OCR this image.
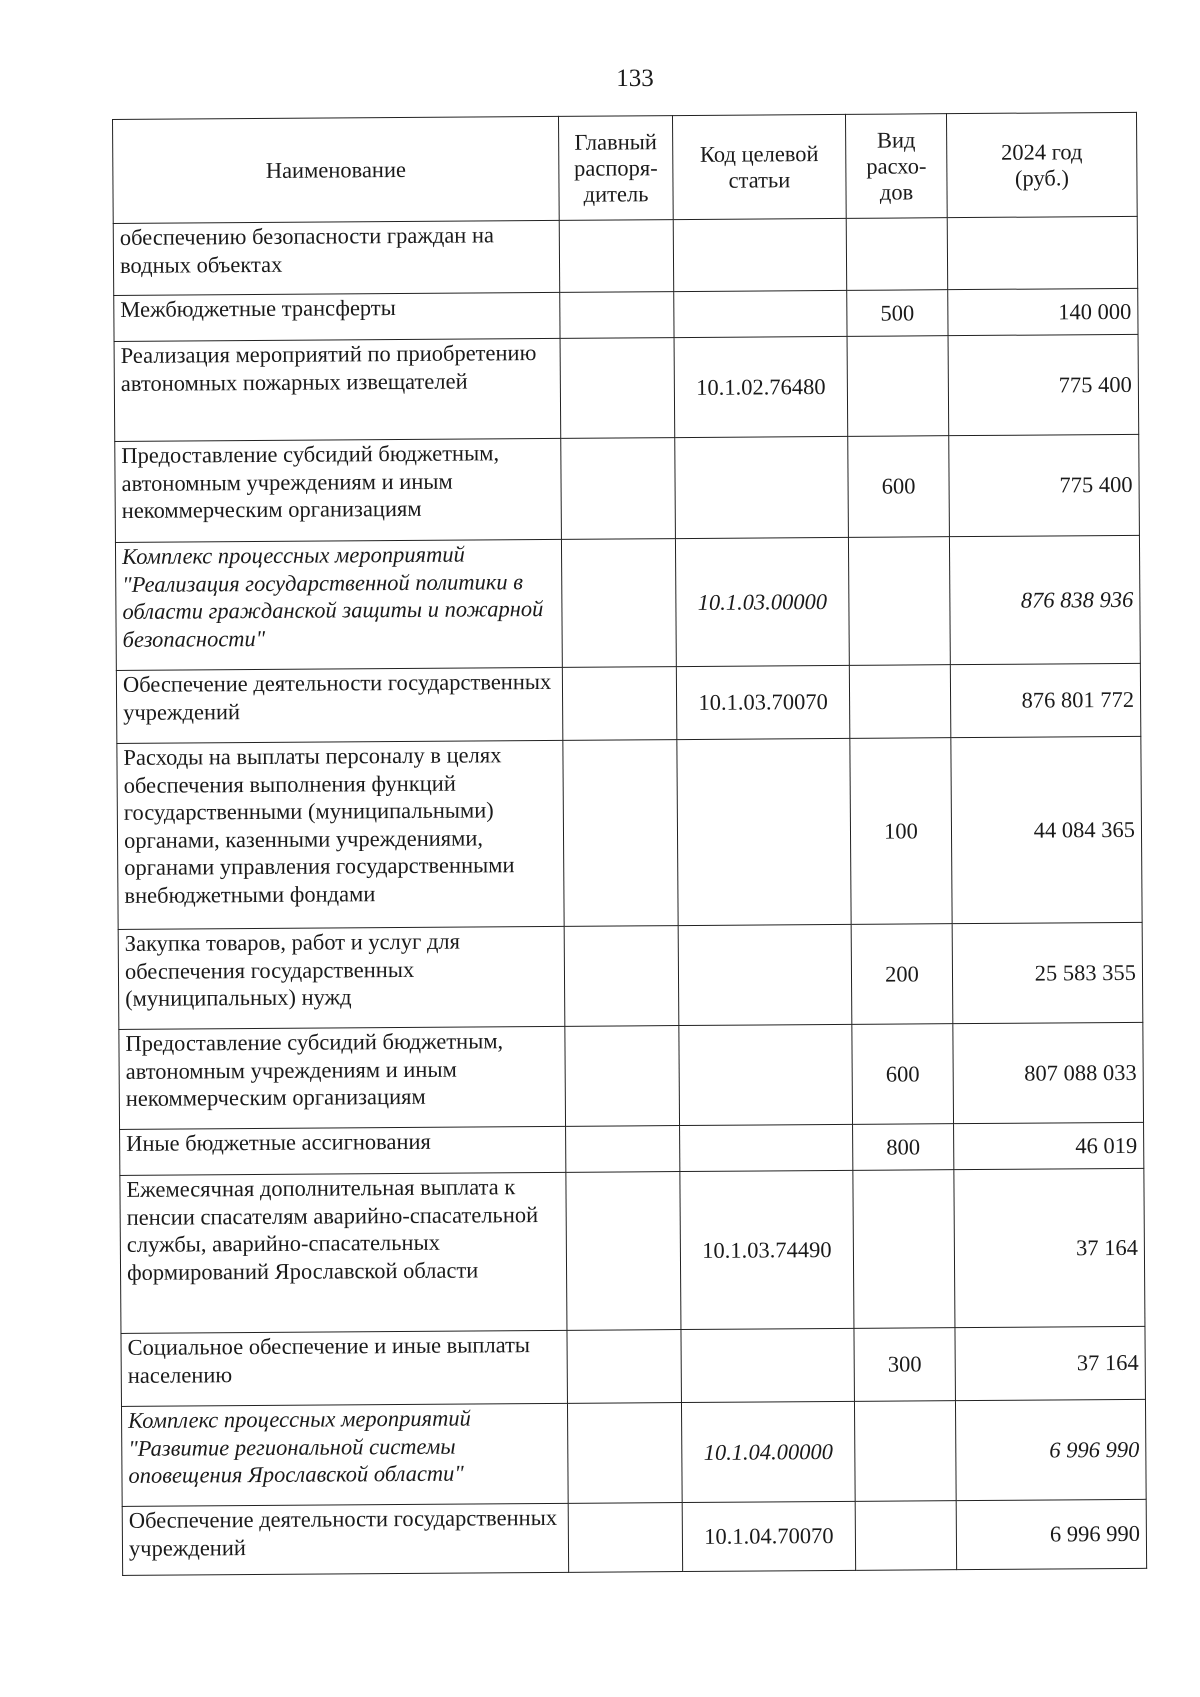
133
Наименование	Главный
распоря-
дитель	Код целевой
статьи	Вид
расхо-
дов	2024 год
(руб.)
обеспечению безопасности граждан на водных объектах				
Межбюджетные трансферты			500	140 000
Реализация мероприятий по приобретению автономных пожарных извещателей		10.1.02.76480		775 400
Предоставление субсидий бюджетным, автономным учреждениям и иным некоммерческим организациям			600	775 400
Комплекс процессных мероприятий "Реализация государственной политики в области гражданской защиты и пожарной безопасности"		10.1.03.00000		876 838 936
Обеспечение деятельности государственных учреждений		10.1.03.70070		876 801 772
Расходы на выплаты персоналу в целях обеспечения выполнения функций государственными (муниципальными) органами, казенными учреждениями, органами управления государственными внебюджетными фондами			100	44 084 365
Закупка товаров, работ и услуг для обеспечения государственных (муниципальных) нужд			200	25 583 355
Предоставление субсидий бюджетным, автономным учреждениям и иным некоммерческим организациям			600	807 088 033
Иные бюджетные ассигнования			800	46 019
Ежемесячная дополнительная выплата к пенсии спасателям аварийно-спасательной службы, аварийно-спасательных формирований Ярославской области		10.1.03.74490		37 164
Социальное обеспечение и иные выплаты населению			300	37 164
Комплекс процессных мероприятий "Развитие региональной системы оповещения Ярославской области"		10.1.04.00000		6 996 990
Обеспечение деятельности государственных учреждений		10.1.04.70070		6 996 990
